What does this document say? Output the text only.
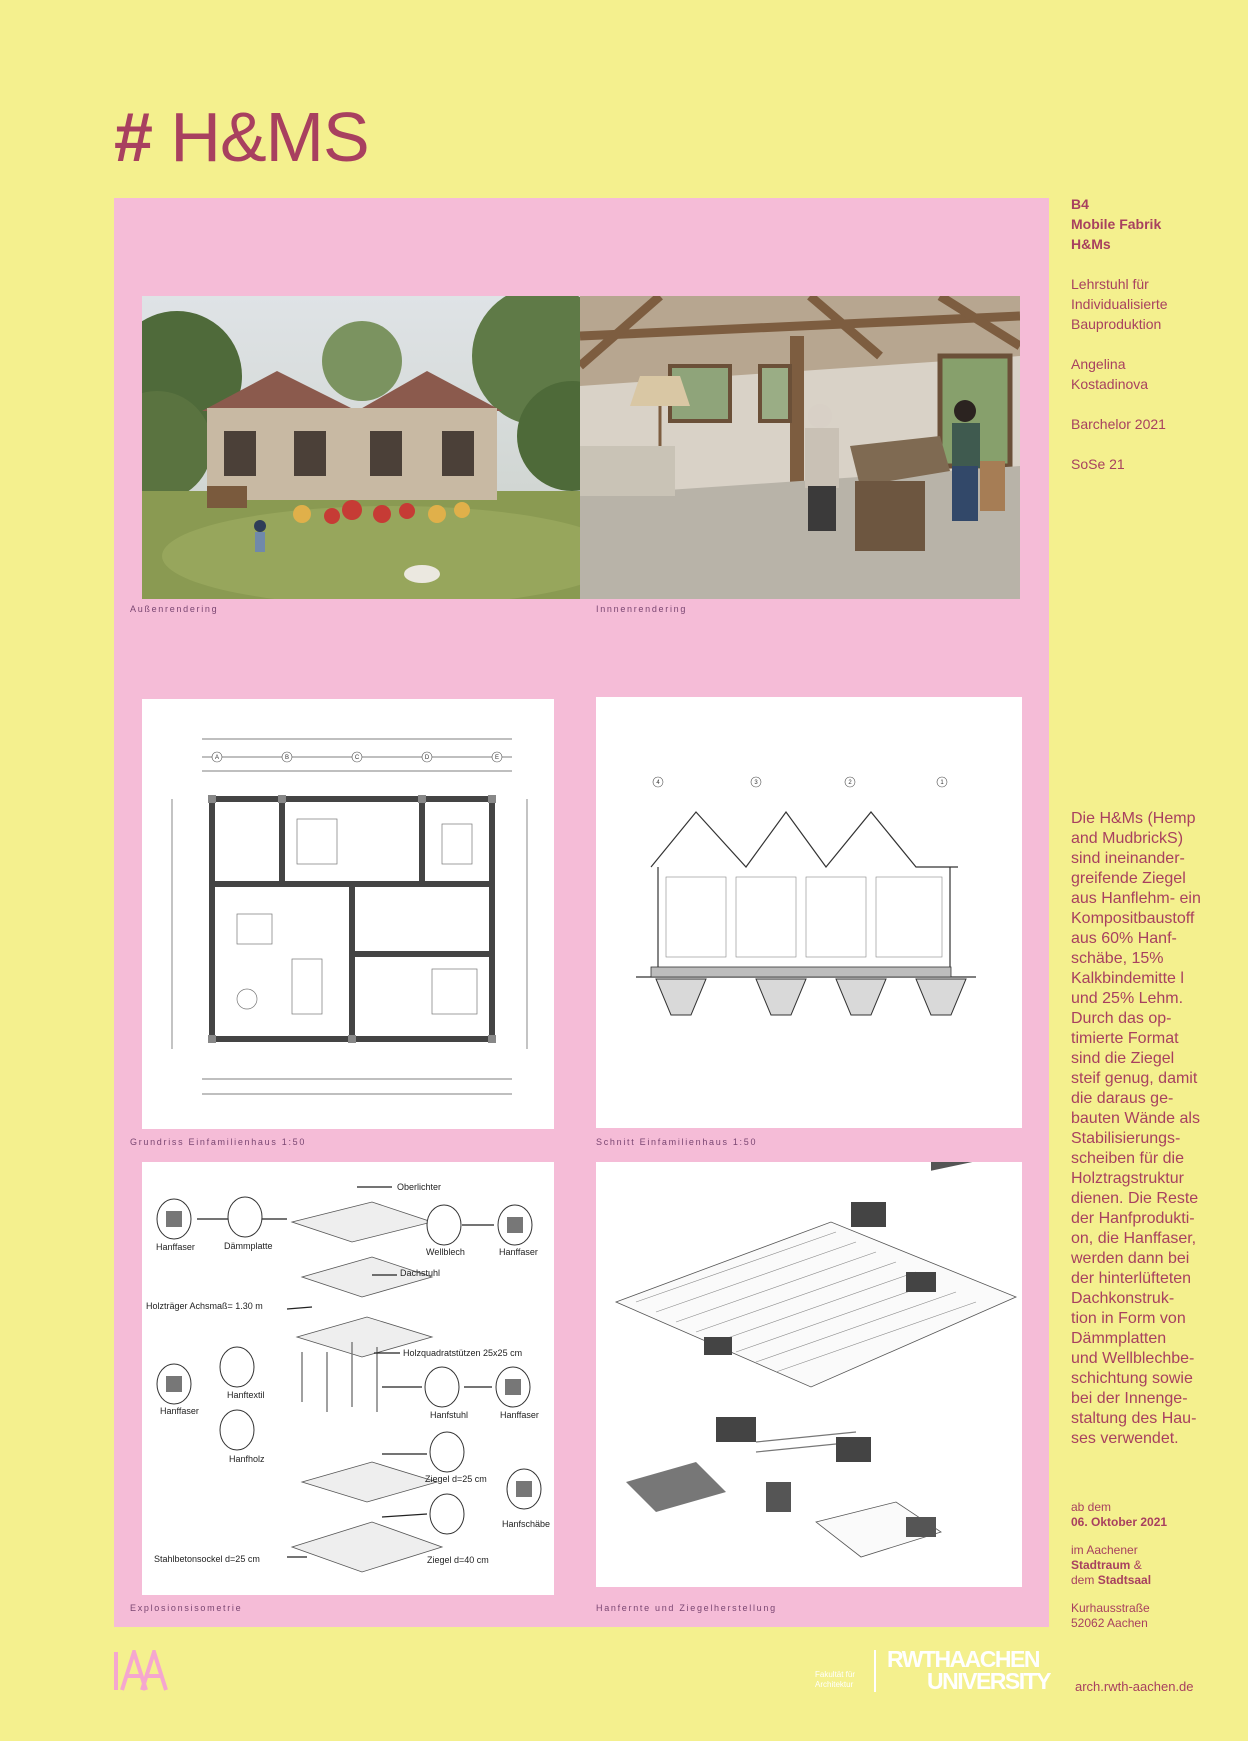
# H&MS
Außenrendering	Innnenrendering
A	B	C	D	E
4	3	2	1
Grundriss Einfamilienhaus 1:50	Schnitt Einfamilienhaus 1:50
Oberlichter
Hanffaser	Dämmplatte
Wellblech	Hanffaser
Dachstuhl
Holzträger Achsmaß= 1.30 m
Holzquadratstützen 25x25 cm
Hanftextil
Hanffaser	Hanfstuhl	Hanffaser
Hanfholz
Ziegel d=25 cm
Hanfschäbe
Stahlbetonsockel d=25 cm	Ziegel d=40 cm
Explosionsisometrie	Hanfernte und Ziegelherstellung
B4
Mobile Fabrik
H&Ms
Lehrstuhl für
Individualisierte
Bauproduktion
Angelina
Kostadinova
Barchelor 2021
SoSe 21
Die H&Ms (Hemp
and MudbrickS)
sind ineinander-
greifende Ziegel
aus Hanflehm- ein
Kompositbaustoff
aus 60% Hanf-
schäbe, 15%
Kalkbindemitte l
und 25% Lehm.
Durch das op-
timierte Format
sind die Ziegel
steif genug, damit
die daraus ge-
bauten Wände als
Stabilisierungs-
scheiben für die
Holztragstruktur
dienen. Die Reste
der Hanfprodukti-
on, die Hanffaser,
werden dann bei
der hinterlüfteten
Dachkonstruk-
tion in Form von
Dämmplatten
und Wellblechbe-
schichtung sowie
bei der Innenge-
staltung des Hau-
ses verwendet.
ab dem
06. Oktober 2021
im Aachener
Stadtraum &
dem Stadtsaal
Kurhausstraße
52062 Aachen
IAA
Fakultät für
Architektur
RWTHAACHEN
UNIVERSITY arch.rwth-aachen.de
